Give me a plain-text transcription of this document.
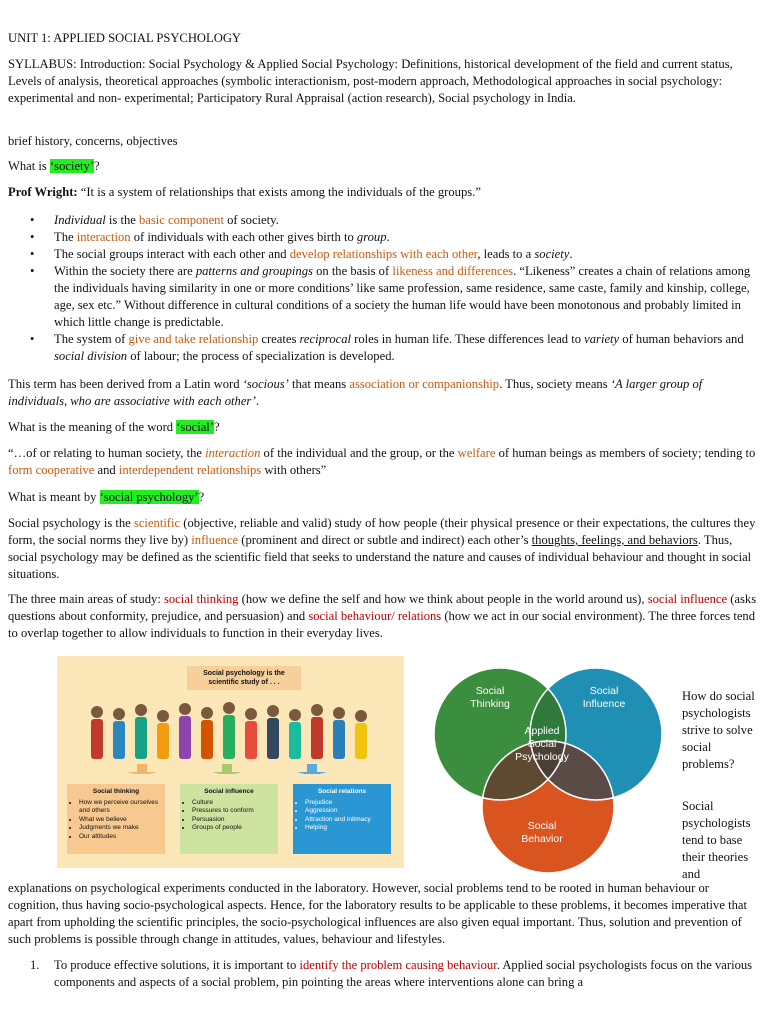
UNIT 1: APPLIED SOCIAL PSYCHOLOGY

SYLLABUS: Introduction: Social Psychology & Applied Social Psychology: Definitions, historical development of the field and current status, Levels of analysis, theoretical approaches (symbolic interactionism, post-modern approach, Methodological approaches in social psychology: experimental and non- experimental; Participatory Rural Appraisal (action research), Social psychology in India.

brief history, concerns, objectives

What is ‘society’?

Prof Wright: “It is a system of relationships that exists among the individuals of the groups.”

• Individual is the basic component of society.
• The interaction of individuals with each other gives birth to group.
• The social groups interact with each other and develop relationships with each other, leads to a society.
• Within the society there are patterns and groupings on the basis of likeness and differences. “Likeness” creates a chain of relations among the individuals having similarity in one or more conditions’ like same profession, same residence, same caste, family and kinship, college, age, sex etc.” Without difference in cultural conditions of a society the human life would have been monotonous and probably limited in which little change is predictable.
• The system of give and take relationship creates reciprocal roles in human life. These differences lead to variety of human behaviors and social division of labour; the process of specialization is developed.

This term has been derived from a Latin word ‘socious’ that means association or companionship. Thus, society means ‘A larger group of individuals, who are associative with each other’.

What is the meaning of the word ‘social’?

“…of or relating to human society, the interaction of the individual and the group, or the welfare of human beings as members of society; tending to form cooperative and interdependent relationships with others”

What is meant by ‘social psychology’?

Social psychology is the scientific (objective, reliable and valid) study of how people (their physical presence or their expectations, the cultures they form, the social norms they live by) influence (prominent and direct or subtle and indirect) each other’s thoughts, feelings, and behaviors. Thus, social psychology may be defined as the scientific field that seeks to understand the nature and causes of individual behaviour and thought in social situations.

The three main areas of study: social thinking (how we define the self and how we think about people in the world around us), social influence (asks questions about conformity, prejudice, and persuasion) and social behaviour/ relations (how we act in our social environment). The three forces tend to overlap together to allow individuals to function in their everyday lives.

Social psychology is the scientific study of . . .
Social thinking
• How we perceive ourselves and others
• What we believe
• Judgments we make
• Our attitudes
Social influence
• Culture
• Pressures to conform
• Persuasion
• Groups of people
Social relations
• Prejudice
• Aggression
• Attraction and intimacy
• Helping
Social
Thinking
Social
Influence
Social
Behavior
Applied
Social
Psychology

How do social psychologists strive to solve social problems?

Social psychologists tend to base their theories and

explanations on psychological experiments conducted in the laboratory. However, social problems tend to be rooted in human behaviour or cognition, thus having socio-psychological aspects. Hence, for the laboratory results to be applicable to these problems, it becomes imperative that apart from upholding the scientific principles, the socio-psychological influences are also given equal important. Thus, solution and prevention of such problems is possible through change in attitudes, values, behaviour and lifestyles.

1. To produce effective solutions, it is important to identify the problem causing behaviour. Applied social psychologists focus on the various components and aspects of a social problem, pin pointing the areas where interventions alone can bring a
